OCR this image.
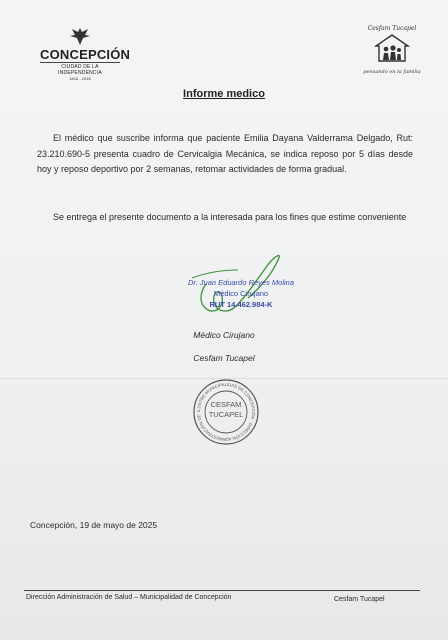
CONCEPCIÓN
CIUDAD DE LA INDEPENDENCIA
1818 - 2018
Cesfam Tucapel
pensando en la familia
Informe medico
El médico que suscribe informa que paciente Emilia Dayana Valderrama Delgado, Rut: 23.210.690-5 presenta cuadro de Cervicalgia Mecánica, se indica reposo por 5 días desde hoy y reposo deportivo por 2 semanas, retomar actividades de forma gradual.
Se entrega el presente documento a la interesada para los fines que estime conveniente
Dr. Juan Eduardo Reyes Molina
Médico Cirujano
RUT 14.462.984-K
Médico Cirujano
Cesfam Tucapel
ILUSTRE MUNICIPALIDAD DE CONCEPCIÓN · DIRECCIÓN ADMINISTRACIÓN DE
CESFAM
TUCAPEL
Concepción, 19 de mayo de 2025
Dirección Administración de Salud – Municipalidad de Concepción	Cesfam Tucapel
